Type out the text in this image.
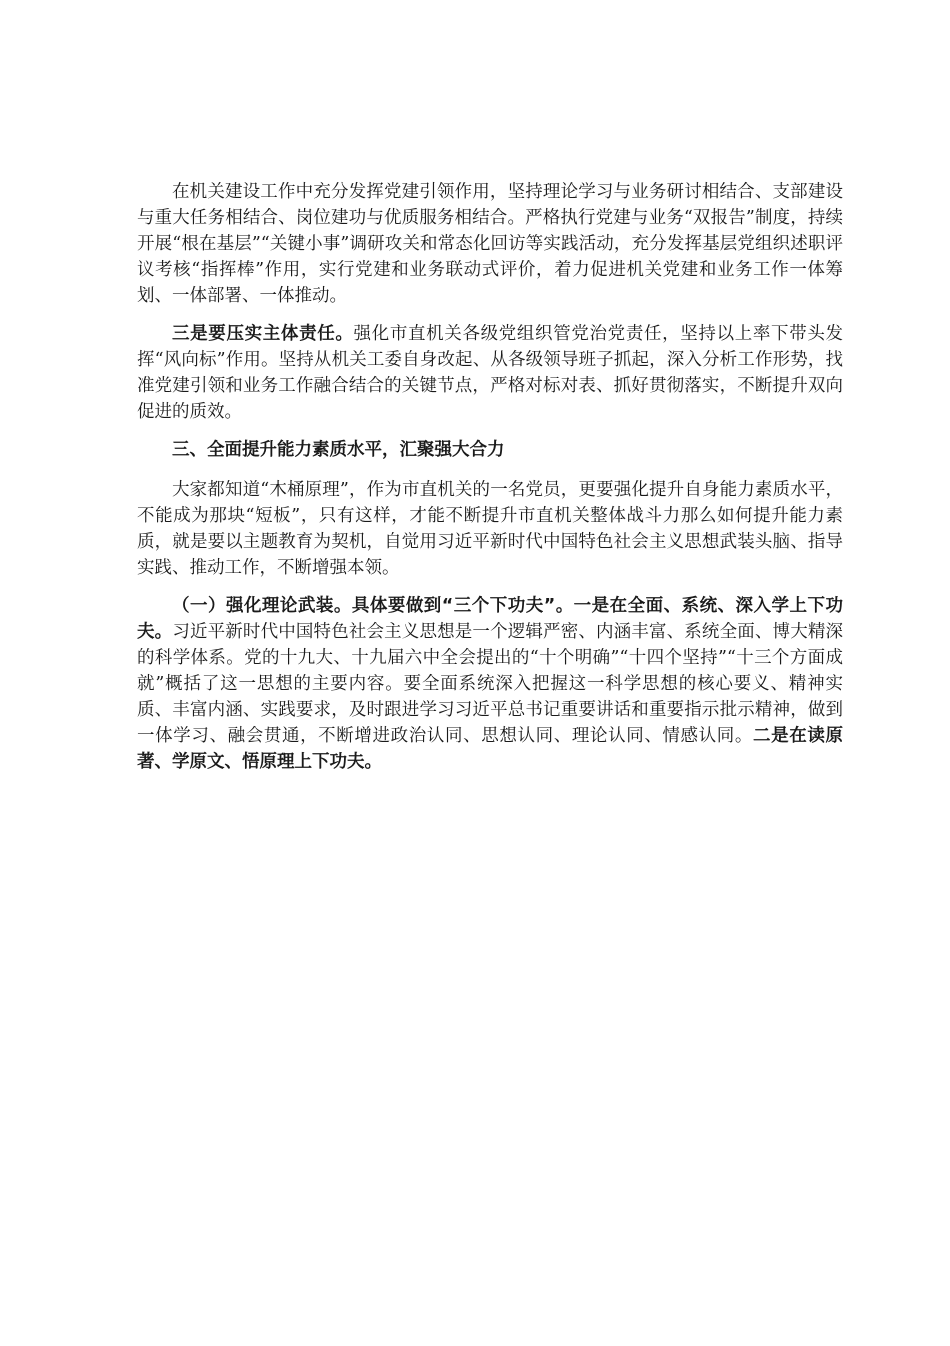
在机关建设工作中充分发挥党建引领作用，坚持理论学习与业务研讨相结合、支部建设与重大任务相结合、岗位建功与优质服务相结合。严格执行党建与业务“双报告”制度，持续开展“根在基层”“关键小事”调研攻关和常态化回访等实践活动，充分发挥基层党组织述职评议考核“指挥棒”作用，实行党建和业务联动式评价，着力促进机关党建和业务工作一体筹划、一体部署、一体推动。

三是要压实主体责任。强化市直机关各级党组织管党治党责任，坚持以上率下带头发挥“风向标”作用。坚持从机关工委自身改起、从各级领导班子抓起，深入分析工作形势，找准党建引领和业务工作融合结合的关键节点，严格对标对表、抓好贯彻落实，不断提升双向促进的质效。

三、全面提升能力素质水平，汇聚强大合力

大家都知道“木桶原理”，作为市直机关的一名党员，更要强化提升自身能力素质水平，不能成为那块“短板”，只有这样，才能不断提升市直机关整体战斗力那么如何提升能力素质，就是要以主题教育为契机，自觉用习近平新时代中国特色社会主义思想武装头脑、指导实践、推动工作，不断增强本领。

（一）强化理论武装。具体要做到“三个下功夫”。一是在全面、系统、深入学上下功夫。习近平新时代中国特色社会主义思想是一个逻辑严密、内涵丰富、系统全面、博大精深的科学体系。党的十九大、十九届六中全会提出的“十个明确”“十四个坚持”“十三个方面成就”概括了这一思想的主要内容。要全面系统深入把握这一科学思想的核心要义、精神实质、丰富内涵、实践要求，及时跟进学习习近平总书记重要讲话和重要指示批示精神，做到一体学习、融会贯通，不断增进政治认同、思想认同、理论认同、情感认同。二是在读原著、学原文、悟原理上下功夫。
